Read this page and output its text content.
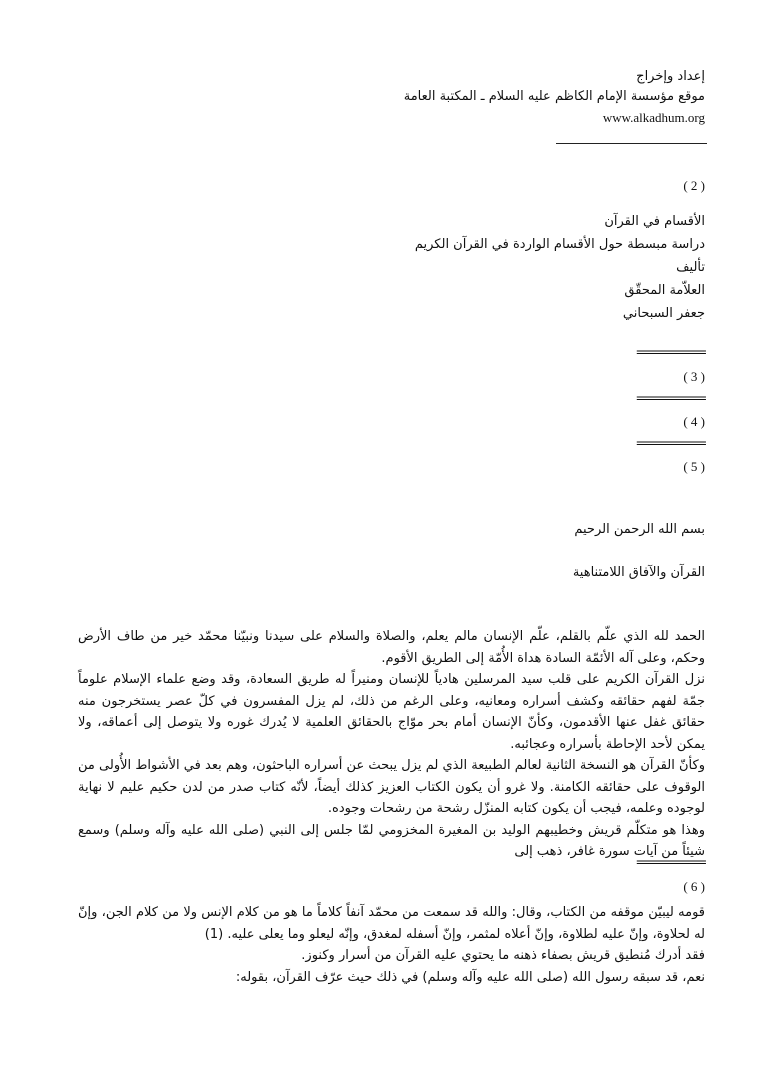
إعداد وإخراج
موقع مؤسسة الإمام الكاظم عليه السلام ـ المكتبة العامة
www.alkadhum.org
( 2 )
الأقسام في القرآن
دراسة مبسطة حول الأقسام الواردة في القرآن الكريم
تأليف
العلاّمة المحقّق
جعفر السبحاني
============
( 3 )
============
( 4 )
============
( 5 )
بسم الله الرحمن الرحيم
القرآن والآفاق اللامتناهية

الحمد لله الذي علّم بالقلم، علّم الإنسان مالم يعلم، والصلاة والسلام على سيدنا ونبيّنا محمّد خير من طاف الأرض وحكم، وعلى آله الأئمّة السادة هداة الأُمّة إلى الطريق الأقوم.

نزل القرآن الكريم على قلب سيد المرسلين هادياً للإنسان ومنيراً له طريق السعادة، وقد وضع علماء الإسلام علوماً جمّة لفهم حقائقه وكشف أسراره ومعانيه، وعلى الرغم من ذلك، لم يزل المفسرون في كلّ عصر يستخرجون منه حقائق غفل عنها الأقدمون، وكأنّ الإنسان أمام بحر موّاج بالحقائق العلمية لا يُدرك غوره ولا يتوصل إلى أعماقه، ولا يمكن لأحد الإحاطة بأسراره وعجائبه.

وكأنّ القرآن هو النسخة الثانية لعالم الطبيعة الذي لم يزل يبحث عن أسراره الباحثون، وهم بعد في الأشواط الأُولى من الوقوف على حقائقه الكامنة. ولا غرو أن يكون الكتاب العزيز كذلك أيضاً، لأنّه كتاب صدر من لدن حكيم عليم لا نهاية لوجوده وعلمه، فيجب أن يكون كتابه المنزّل رشحة من رشحات وجوده.

وهذا هو متكلّم قريش وخطيبهم الوليد بن المغيرة المخزومي لمّا جلس إلى النبي (صلى الله عليه وآله وسلم) وسمع شيئاً من آيات سورة غافر، ذهب إلى

============
( 6 )

قومه ليبيّن موقفه من الكتاب، وقال: والله قد سمعت من محمّد آنفاً كلاماً ما هو من كلام الإنس ولا من كلام الجن، وإنّ له لحلاوة، وإنّ عليه لطلاوة، وإنّ أعلاه لمثمر، وإنّ أسفله لمغدق، وإنّه ليعلو وما يعلى عليه. (1)

فقد أدرك مُنطيق قريش بصفاء ذهنه ما يحتوي عليه القرآن من أسرار وكنوز.

نعم، قد سبقه رسول الله (صلى الله عليه وآله وسلم) في ذلك حيث عرّف القرآن، بقوله:
